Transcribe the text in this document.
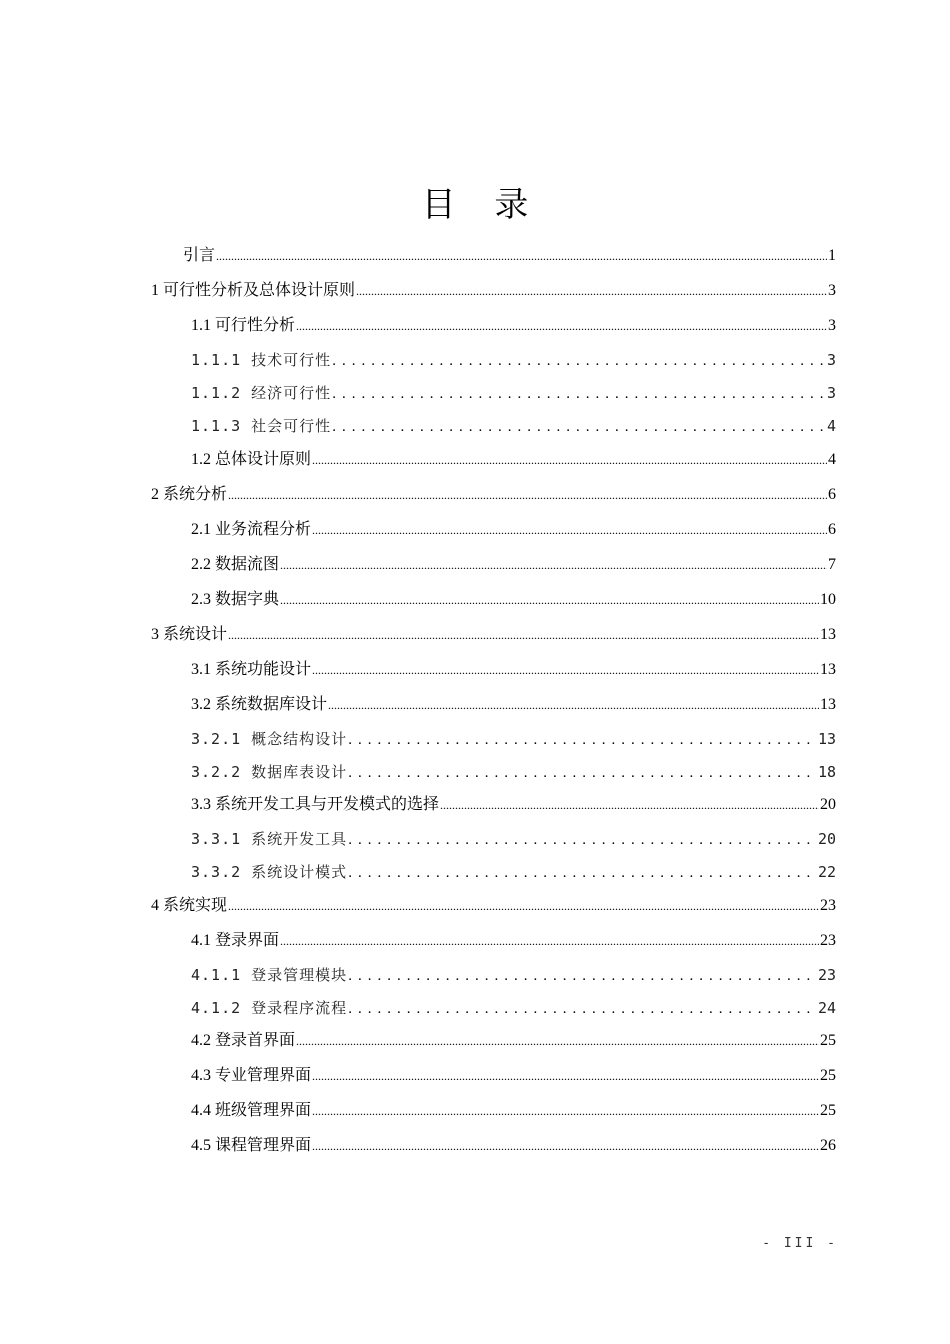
目 录
引言 .....	1
1 可行性分析及总体设计原则 .....	3
1.1 可行性分析 .....	3
1.1.1 技术可行性 .....	3
1.1.2 经济可行性 .....	3
1.1.3 社会可行性 .....	4
1.2 总体设计原则 .....	4
2 系统分析 .....	6
2.1 业务流程分析 .....	6
2.2 数据流图 .....	7
2.3 数据字典 .....	10
3 系统设计 .....	13
3.1 系统功能设计 .....	13
3.2 系统数据库设计 .....	13
3.2.1 概念结构设计 .....	13
3.2.2 数据库表设计 .....	18
3.3 系统开发工具与开发模式的选择 .....	20
3.3.1 系统开发工具 .....	20
3.3.2 系统设计模式 .....	22
4 系统实现 .....	23
4.1 登录界面 .....	23
4.1.1 登录管理模块 .....	23
4.1.2 登录程序流程 .....	24
4.2 登录首界面 .....	25
4.3 专业管理界面 .....	25
4.4 班级管理界面 .....	25
4.5 课程管理界面 .....	26
- III -
